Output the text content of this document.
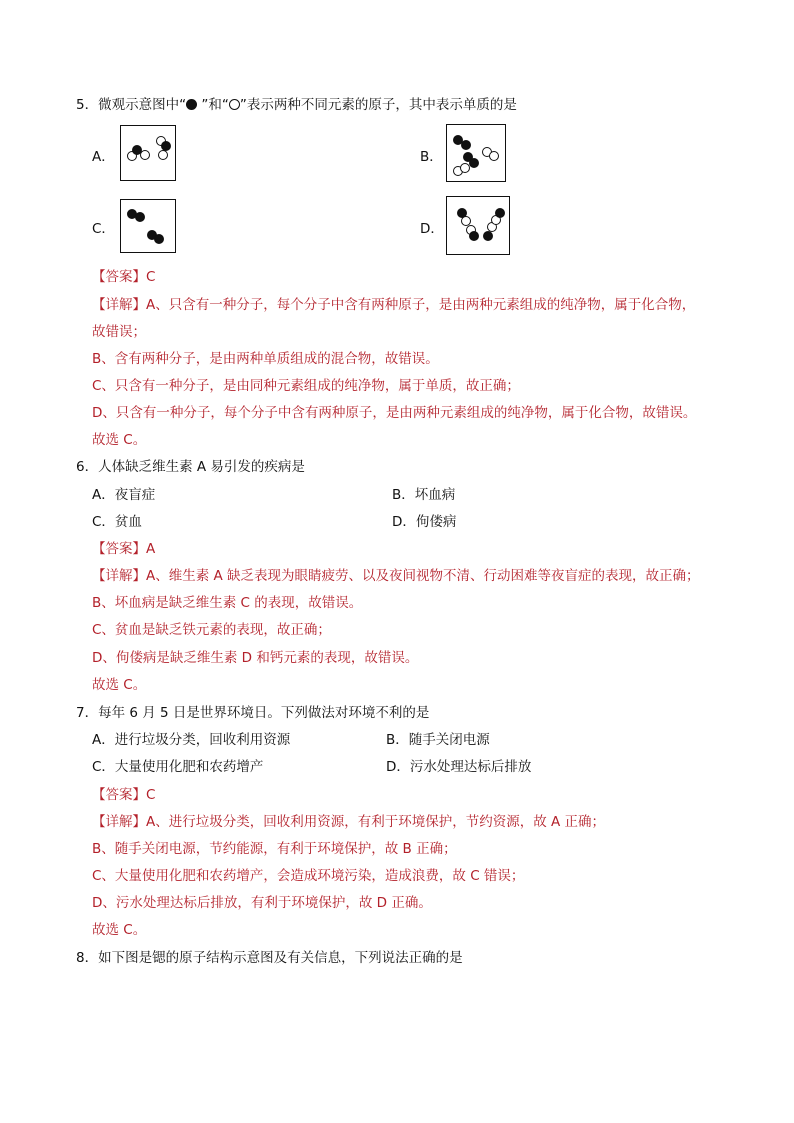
5．微观示意图中“ ”和“ ”表示两种不同元素的原子，其中表示单质的是
A．	B．
C．	D．
【答案】C
【详解】A、只含有一种分子，每个分子中含有两种原子，是由两种元素组成的纯净物，属于化合物，
故错误；
B、含有两种分子，是由两种单质组成的混合物，故错误。
C、只含有一种分子，是由同种元素组成的纯净物，属于单质，故正确；
D、只含有一种分子，每个分子中含有两种原子，是由两种元素组成的纯净物，属于化合物，故错误。
故选 C。
6．人体缺乏维生素 A 易引发的疾病是
A．夜盲症	B．坏血病
C．贫血	D．佝偻病
【答案】A
【详解】A、维生素 A 缺乏表现为眼睛疲劳、以及夜间视物不清、行动困难等夜盲症的表现，故正确；
B、坏血病是缺乏维生素 C 的表现，故错误。
C、贫血是缺乏铁元素的表现，故正确；
D、佝偻病是缺乏维生素 D 和钙元素的表现，故错误。
故选 C。
7．每年 6 月 5 日是世界环境日。下列做法对环境不利的是
A．进行垃圾分类，回收利用资源	B．随手关闭电源
C．大量使用化肥和农药增产	D．污水处理达标后排放
【答案】C
【详解】A、进行垃圾分类，回收利用资源，有利于环境保护，节约资源，故 A 正确；
B、随手关闭电源，节约能源，有利于环境保护，故 B 正确；
C、大量使用化肥和农药增产，会造成环境污染，造成浪费，故 C 错误；
D、污水处理达标后排放，有利于环境保护，故 D 正确。
故选 C。
8．如下图是锶的原子结构示意图及有关信息，下列说法正确的是
